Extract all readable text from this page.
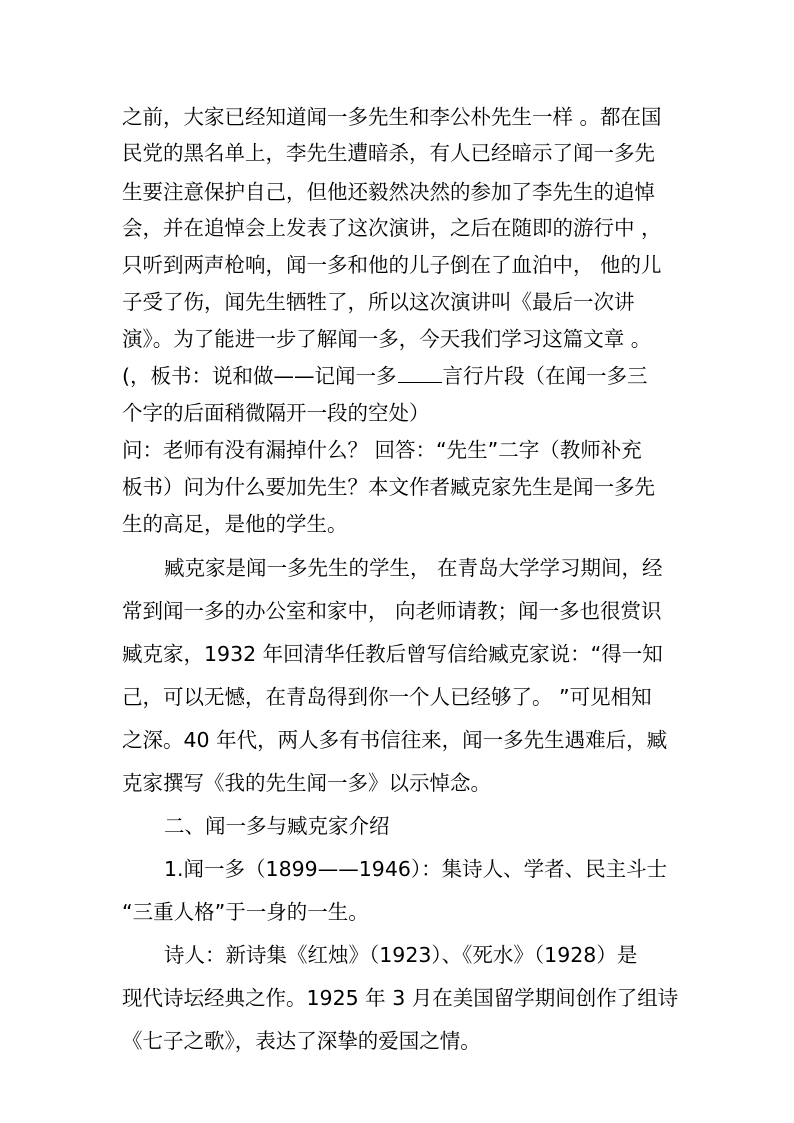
之前，大家已经知道闻一多先生和李公朴先生一样 。都在国
民党的黑名单上，李先生遭暗杀，有人已经暗示了闻一多先
生要注意保护自己，但他还毅然决然的参加了李先生的追悼
会，并在追悼会上发表了这次演讲，之后在随即的游行中 ，
只听到两声枪响，闻一多和他的儿子倒在了血泊中， 他的儿
子受了伤，闻先生牺牲了，所以这次演讲叫《最后一次讲
演》。为了能进一步了解闻一多，今天我们学习这篇文章 。
(，板书：说和做——记闻一多 言行片段（在闻一多三
个字的后面稍微隔开一段的空处）
问：老师有没有漏掉什么？ 回答：“先生”二字（教师补充
板书）问为什么要加先生？本文作者臧克家先生是闻一多先
生的高足，是他的学生。
臧克家是闻一多先生的学生， 在青岛大学学习期间，经
常到闻一多的办公室和家中， 向老师请教；闻一多也很赏识
臧克家，1932 年回清华任教后曾写信给臧克家说：“得一知
己，可以无憾，在青岛得到你一个人已经够了。 ”可见相知
之深。40 年代，两人多有书信往来，闻一多先生遇难后，臧
克家撰写《我的先生闻一多》以示悼念。
二、闻一多与臧克家介绍
1.闻一多（1899——1946）：集诗人、学者、民主斗士
“三重人格”于一身的一生。
诗人：新诗集《红烛》（1923）、《死水》（1928）是
现代诗坛经典之作。1925 年 3 月在美国留学期间创作了组诗
《七子之歌》，表达了深挚的爱国之情。
